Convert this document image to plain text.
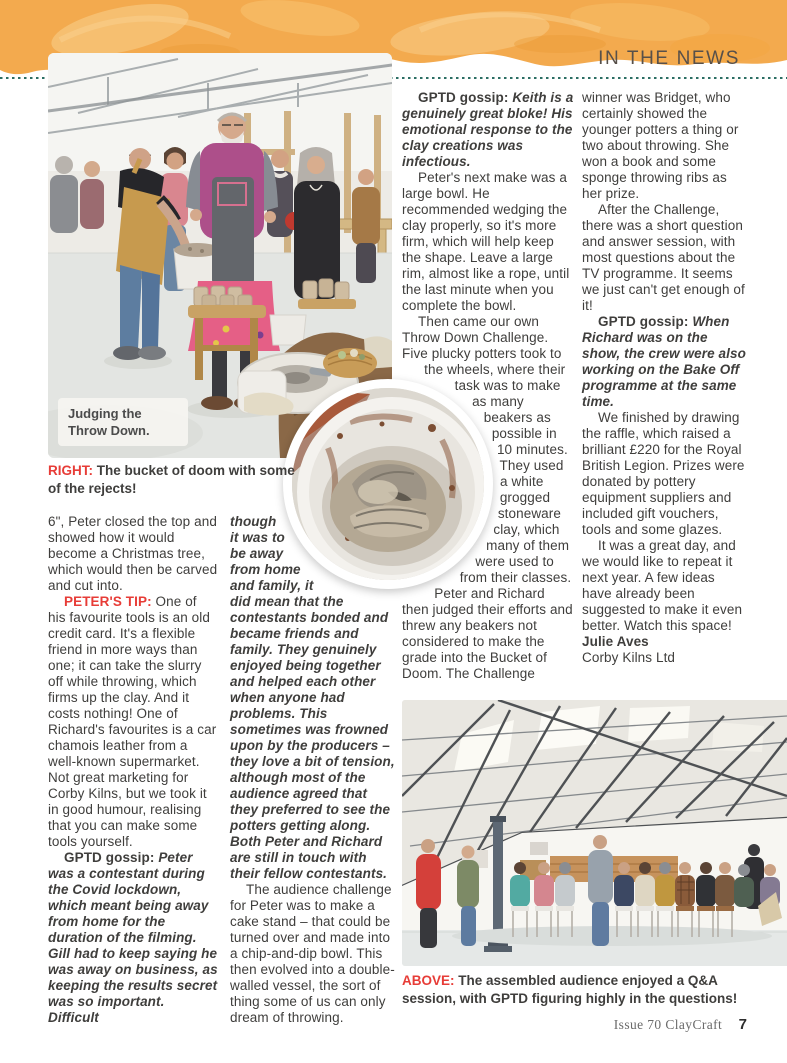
IN THE NEWS
Judging the Throw Down.
RIGHT: The bucket of doom with some of the rejects!

GPTD gossip: Keith is a genuinely great bloke! His emotional response to the clay creations was infectious.

Peter's next make was a large bowl. He recommended wedging the clay properly, so it's more firm, which will help keep the shape. Leave a large rim, almost like a rope, until the last minute when you complete the bowl.

Then came our own Throw Down Challenge. Five plucky potters took to the wheels, where their task was to make as many beakers as possible in 10 minutes. They used a white grogged stoneware clay, which many of them were used to from their classes. Peter and Richard then judged their efforts and threw any beakers not considered to make the grade into the Bucket of Doom. The Challenge

winner was Bridget, who certainly showed the younger potters a thing or two about throwing. She won a book and some sponge throwing ribs as her prize.

After the Challenge, there was a short question and answer session, with most questions about the TV programme. It seems we just can't get enough of it!

GPTD gossip: When Richard was on the show, the crew were also working on the Bake Off programme at the same time.

We finished by drawing the raffle, which raised a brilliant £220 for the Royal British Legion. Prizes were donated by pottery equipment suppliers and included gift vouchers, tools and some glazes.

It was a great day, and we would like to repeat it next year. A few ideas have already been suggested to make it even better. Watch this space!

Julie Aves

Corby Kilns Ltd

6", Peter closed the top and showed how it would become a Christmas tree, which would then be carved and cut into.

PETER'S TIP: One of his favourite tools is an old credit card. It's a flexible friend in more ways than one; it can take the slurry off while throwing, which firms up the clay. And it costs nothing! One of Richard's favourites is a car chamois leather from a well-known supermarket. Not great marketing for Corby Kilns, but we took it in good humour, realising that you can make some tools yourself.

GPTD gossip: Peter was a contestant during the Covid lockdown, which meant being away from home for the duration of the filming. Gill had to keep saying he was away on business, as keeping the results secret was so important. Difficult

though it was to be away from home and family, it did mean that the contestants bonded and became friends and family. They genuinely enjoyed being together and helped each other when anyone had problems. This sometimes was frowned upon by the producers – they love a bit of tension, although most of the audience agreed that they preferred to see the potters getting along. Both Peter and Richard are still in touch with their fellow contestants.

The audience challenge for Peter was to make a cake stand – that could be turned over and made into a chip-and-dip bowl. This then evolved into a double-walled vessel, the sort of thing some of us can only dream of throwing.

ABOVE: The assembled audience enjoyed a Q&A session, with GPTD figuring highly in the questions!
Issue 70 ClayCraft 7
